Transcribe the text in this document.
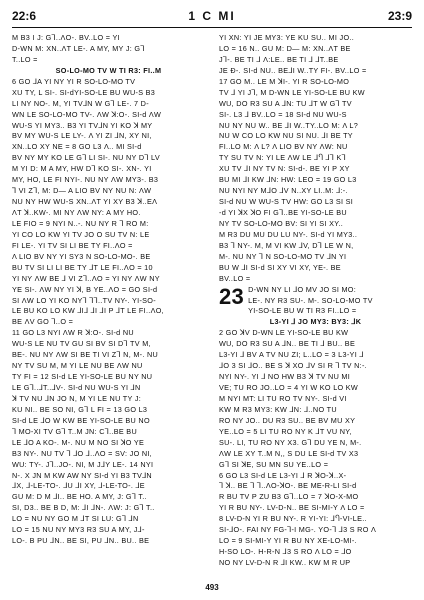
22:6	1 C MI	23:9
M B3 I J: G⅂..ΛO-. BV..LO = YI
D-WN M: XN..ΛT LE-. A MY, MY J: G⅂
T..LO =
SO-LO-MO TV W TI R3: FI..M
6 GO ⅃A YI NY YI R SO-LO-MO TV
XU TY, L SI-. SI-dYI-SO-LE BU WU-S B3
LI NY NO-. M, YI TV⅃N W G⅂ LE-. 7 D-
WN LE SO-LO-MO TV-. ΛW ꓘ:O-. SI-d ΛW
WU-S YI MY3.. B3 YI TV⅃N YI KO ꓘ MY
BV MY WU-S LE LY-. Λ YI ZI ⅃N, XY NI,
XN..LO XY NE = 8 GO L3 Λ.. MI SI-d
BV NY MY KO LE G⅂ LI SI-. NU NY D⅂ LV
M YI D: M A MY, HW D⅂ KO SI-. XN-. YI
MY, HO, LE FI NYI-. NU NY ΛW MY3-. B3
Ꞁ VI Z⅂, M: D— A LIO BV NY NU N: ΛW
NU NY HW WU-S XN..ΛT YI XY B3 ꓘ..EΛ
ΛT ꓘ..KW-. MI NY ΛW NY: A MY HO.
LE FIO = 9 NYI N..-. NU NY R ⅂ RO M:
YI CO LO KW YI TV JO O SU TV N: LE
FI LE-. YI TV SI LI BE TY FI..ΛO =
Λ LIO BV NY YI SY3 N SO-LO-MO-. BE
BU TV SI LI LI BE TY ⅃T LE FI..ΛO = 10
YI NY ΛW BE ⅃ VI Z⅂..ΛO = YI NY ΛW NY
YE SI-. ΛW NY YI ꓘ, B YE..ΛO = GO SI-d
SI ΛW LO YI KO NY⅂ ⅂⅂..TV NY-. YI-SO-
LE BU KO LO KW ⅃I⅃ ⅃I ⅃I P ⅃T LE FI..ΛO,
BE ΛV GO ⅂..O =
11 GO L3 NYI ΛW R ꓘ:O-. SI-d NU
WU-S LE NU TV GU SI BV SI D⅂ TV M,
BE-. NU NY ΛW SI BE TI VI Z⅂ N, M-. NU
NY TV SU M, M YI LE NU BE ΛW NU
TY FI = 12 SI-d LE YI-SO-LE BU NY NU
LE G⅂..⅃T..⅃V-. SI-d NU WU-S YI ⅃N
ꓘ TV NU ⅃N JO N, M YI LE NU TY J:
KU NI.. BE SO NI, G⅂ L FI = 13 GO L3
SI-d LE ⅃O W KW BE YI-SO-LE BU NO
⅂ MO-XI TV G⅂ T..M JN: C⅂..BE BU
LE ⅃O A KO-. M-. NU M NO SI ꓘO YE
B3 NY-. NU TV ⅂ ⅃O ⅃..ΛO = SV: JO NI,
WU: TY-. J⅂..JO-. NI, M J⅃Y LE-. 14 NYI
N-. X JN M KW AW NY SI-d YI B3 TV⅃N
⅃X, ⅃-LE-TO-. ⅃U ⅃I XY, ⅃-LE-TO-. ⅃E
GU M: D M ⅃I.. BE HO. A MY, J: G⅂ T..
SI, D3.. BE B D, M: ⅃I ⅃N-. ΛW: J: G⅂ T..
LO = NU NY GO M ⅃T SI LU: G⅂ ⅃N
LO = 15 NU NY MY3 R3 SU A MY, J⅃-
LO-. B PU ⅃N.. BE SI, PU ⅃N.. BU.. BE
YI XN: YI JE MY3: YE KU SU.. MI JO..
LO = 16 N.. GU M: D— M: XN..ΛT BE
J⅂-. BE TI ⅃ Λ:LE.. BE TI ⅃ ⅃T..BE
JE Đ-. SI-d NU.. BE⅃I W..TY FI-. BV..LO =
17 GO M.. LE M ꓘI-. YI R SO-LO-MO
TV ⅃ YI J⅂, M D-WN LE YI-SO-LE BU KW
WU, DO R3 SU A ⅃N: TU ⅃T W G⅂ TV
SI-. L3 ⅃ BV..LO = 18 SI-d NU WU-S
NU NY NU W.. BE ⅃I W..TY..LO M: Λ L?
NU W CO LO KW NU SI NU. ⅃I BE TY
FI..LO M: Λ L? Λ LIO BV NY ΛW: NU
TY SU TV N: YI LE ΛW LE ⅃Ⴄ ⅃⅂ K⅂
XU TV ⅃I NY TV N: SI-d-. BE YI P XY
BU MI ⅃I KW ⅃N: HW: LEO = 19 GO L3
NU NYI NY M⅃O ⅃V N..XY LI..M: ⅃:-.
SI-d NU W WU-S TV HW: GO L3 SI SI
-d YI ꓘX ꓘO FI G⅂..BE YI-SO-LE BU
NY TV SO-LO-MO BV: SI YI SI XY..
M R3 DU MU DU LU NY-. SI-d YI MY3..
B3 ⅂ NY-. M, M VI KW ⅃V, D⅂ LE W N,
M-. NU NY ⅂ N SO-LO-MO TV ⅃N YI
BU W ⅃I SI-d SI XY VI XY, YE-. BE
BV..LO =
23 D-WN NY LI ⅃O MV JO SI MO:
LE-. NY R3 SU-. M-. SO-LO-MO TV
YI-SO-LE BU W TI R3 FI..LO =
L3-YI ⅃ JO MY3: BY3: ⅃K
2 GO ꓘV D-WN LE YI-SO-LE BU KW
WU, DO R3 SU A ⅃N.. BE TI ⅃ BU.. BE
L3-YI ⅃ BV A TV NU ZI; L..LO = 3 L3-YI ⅃
⅃O 3 SI ⅃O.. BE S ꓘ XO ⅃V SI R ⅂ TV N:-.
NYI NY-. YI ⅃ NO HW B3 ꓘ TV NU MI
VE; TU RO JO..LO = 4 YI W KO LO KW
M NYI MT: LI TU RO TV NY-. SI-d VI
KW M R3 MY3: KW ⅃N: ⅃..NO TU
RO NY JO.. DU R3 SU.. BE BV MU XY
YE..LO = 5 LI TU RO NY K ⅃T VU NY,
SU-. LI, TU RO NY X3. G⅂ DU YE N, M-.
ΛW LE XY T..M N,, S DU LE SI-d TV X3
G⅂ SI ꓘE, SU MN SU YE..LO =
6 GO L3 SI-d LE L3-YI ⅃ R ꓘO-ꓘ..X-
⅂ ꓘ.. BE ⅂ ⅂..ΛO-ꓘO-. BE ME-R-LI SI-d
R BU TV P ZU B3 G⅂..LO = 7 ꓘO-X-MO
YI R BU NY-. LV-D-N.. BE SI-MI-Y Λ LO =
8 LV-D-N YI R BU NY-. R YI-YI: ⅃Ⴄ-VI-LE..
SI-⅃O-. FAI NY FG-⅂-I MG-. YO-⅂ ⅃3 S RO Λ
LO = 9 SI-MI-Y YI R BU NY XE-LO-MI-.
H-SO LO-. H-R-N ⅃3 S RO Λ LO = ⅃O
NO NY LV-D-N R ⅃I KW.. KW M R UP
493
